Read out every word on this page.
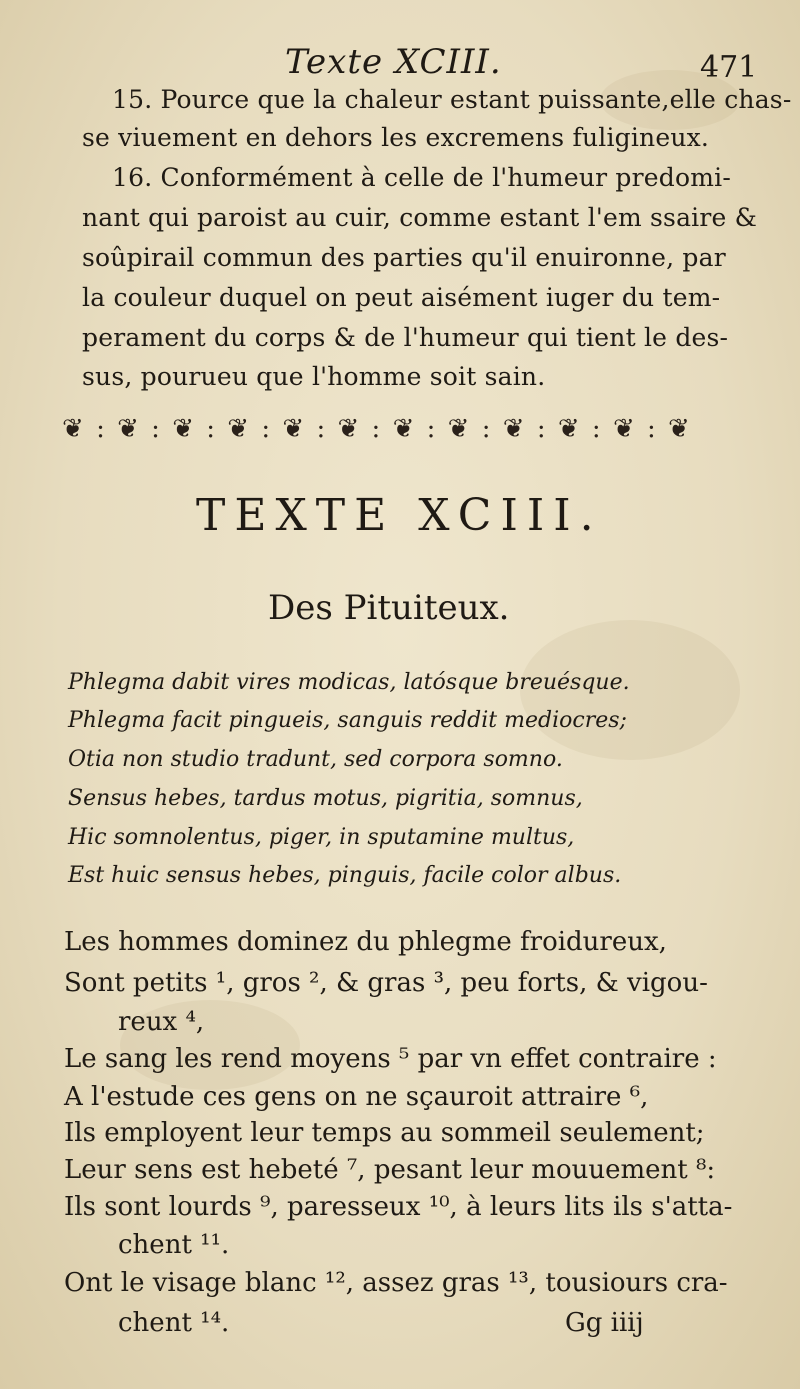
Texte XCIII.	471
15. Pource que la chaleur estant puissante,elle chas-
se viuement en dehors les excremens fuligineux.
16. Conformément à celle de l'humeur predomi-
nant qui paroist au cuir, comme estant l'em ssaire &
soûpirail commun des parties qu'il enuironne, par
la couleur duquel on peut aisément iuger du tem-
perament du corps & de l'humeur qui tient le des-
sus, pourueu que l'homme soit sain.
❦ : ❦ : ❦ : ❦ : ❦ : ❦ : ❦ : ❦ : ❦ : ❦ : ❦ : ❦
TEXTE XCIII.
Des Pituiteux.
Phlegma dabit vires modicas, latósque breuésque.
Phlegma facit pingueis, sanguis reddit mediocres;
Otia non studio tradunt, sed corpora somno.
Sensus hebes, tardus motus, pigritia, somnus,
Hic somnolentus, piger, in sputamine multus,
Est huic sensus hebes, pinguis, facile color albus.
Les hommes dominez du phlegme froidureux,
Sont petits ¹, gros ², & gras ³, peu forts, & vigou-
reux ⁴,
Le sang les rend moyens ⁵ par vn effet contraire :
A l'estude ces gens on ne sçauroit attraire ⁶,
Ils employent leur temps au sommeil seulement;
Leur sens est hebeté ⁷, pesant leur mouuement ⁸:
Ils sont lourds ⁹, paresseux ¹⁰, à leurs lits ils s'atta-
chent ¹¹.
Ont le visage blanc ¹², assez gras ¹³, tousiours cra-
chent ¹⁴.	Gg iiij
